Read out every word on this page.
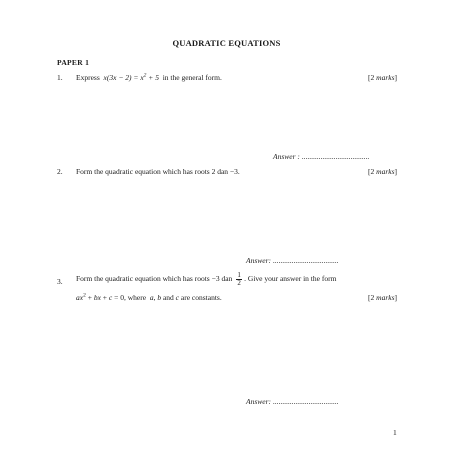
QUADRATIC EQUATIONS
PAPER 1
1. Express $x(3x - 2) = x^2 + 5$ in the general form.	[2 marks]
Answer : ....................................
2. Form the quadratic equation which has roots 2 dan −3.	[2 marks]
Answer: ...................................
3. Form the quadratic equation which has roots −3 dan $\frac{1}{2}$ . Give your answer in the form
$ax^2$ + bx + c = 0, where  a, b and c are constants.	[2 marks]
Answer: ...................................
1
